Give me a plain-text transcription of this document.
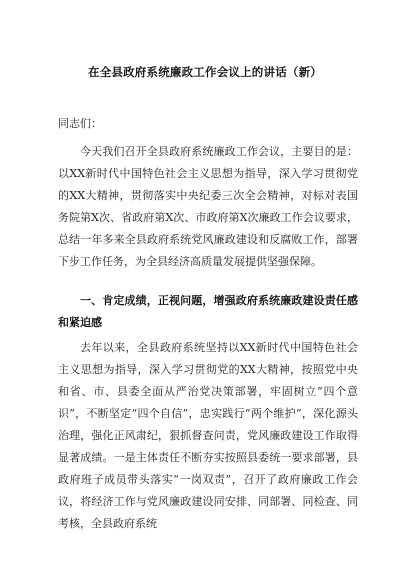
在全县政府系统廉政工作会议上的讲话（新）
同志们：
今天我们召开全县政府系统廉政工作会议，主要目的是：以XX新时代中国特色社会主义思想为指导，深入学习贯彻党的XX大精神，贯彻落实中央纪委三次全会精神，对标对表国务院第X次、省政府第X次、市政府第X次廉政工作会议要求，总结一年多来全县政府系统党风廉政建设和反腐败工作，部署下步工作任务，为全县经济高质量发展提供坚强保障。
一、肯定成绩，正视问题，增强政府系统廉政建设责任感和紧迫感
去年以来，全县政府系统坚持以XX新时代中国特色社会主义思想为指导，深入学习贯彻党的XX大精神，按照党中央和省、市、县委全面从严治党决策部署，牢固树立“四个意识”，不断坚定“四个自信”，忠实践行“两个维护”，深化源头治理，强化正风肃纪，狠抓督查问责，党风廉政建设工作取得显著成绩。一是主体责任不断夯实按照县委统一要求部署，县政府班子成员带头落实“一岗双责”，召开了政府廉政工作会议，将经济工作与党风廉政建设同安排、同部署、同检查、同考核，全县政府系统
